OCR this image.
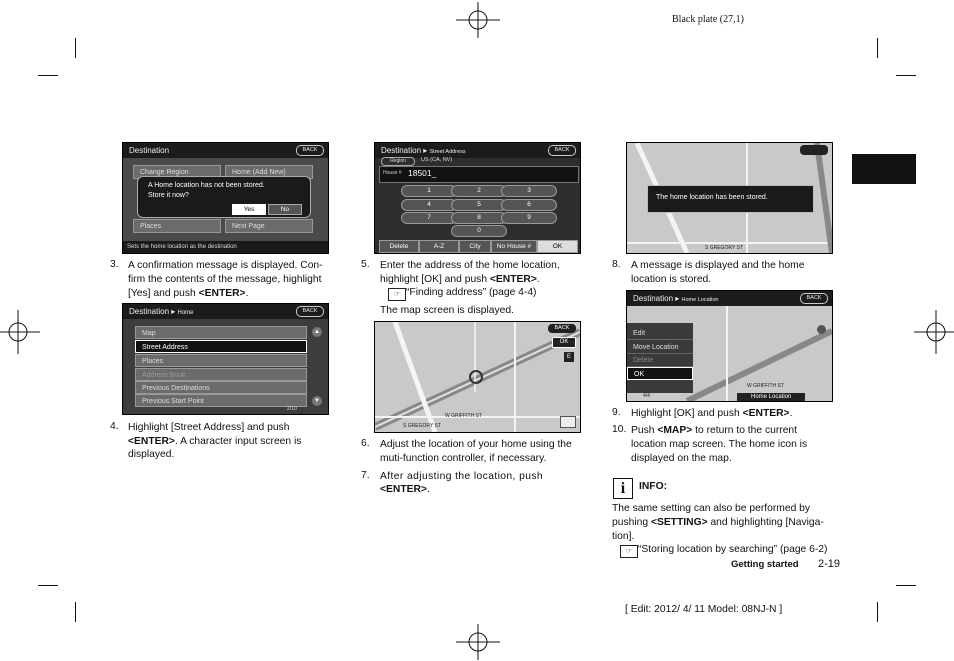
Black plate (27,1)
[ Edit: 2012/ 4/ 11 Model: 08NJ-N ]
Getting started 2-19
Destination	BACK
Change Region	Home (Add New)
A Home location has not been stored.
Store it now?
Yes	No
Places	Next Page
Sets the home location as the destination
3. A confirmation message is displayed. Con-
firm the contents of the message, highlight
[Yes] and push <ENTER>.
Destination ▸ Home	BACK
Map
Street Address
Places
Address Book
Previous Destinations
Previous Start Point
▲
▼
2/10
4. Highlight [Street Address] and push
<ENTER>. A character input screen is
displayed.
Destination ▸ Street Address	BACK
Region	US (CA, NV)
House # 18501_
1	2	3
4	5	6
7	8	9
0
Delete	A-Z	City	No House #	OK
5. Enter the address of the home location,
highlight [OK] and push <ENTER>.
☞ “Finding address” (page 4-4)
The map screen is displayed.
W GRIFFITH ST
S GREGORY ST
BACK
OK
E
6. Adjust the location of your home using the
muti-function controller, if necessary.
7. After adjusting the location, push
<ENTER>.
The home location has been stored.
S GREGORY ST
8. A message is displayed and the home
location is stored.
Destination ▸ Home Location	BACK
Edit
Move Location
Delete
OK
4/4	Home Location
W GRIFFITH ST
9. Highlight [OK] and push <ENTER>.
10. Push <MAP> to return to the current
location map screen. The home icon is
displayed on the map.
i	INFO:
The same setting can also be performed by
pushing <SETTING> and highlighting [Naviga-
tion].
☞ “Storing location by searching” (page 6-2)
